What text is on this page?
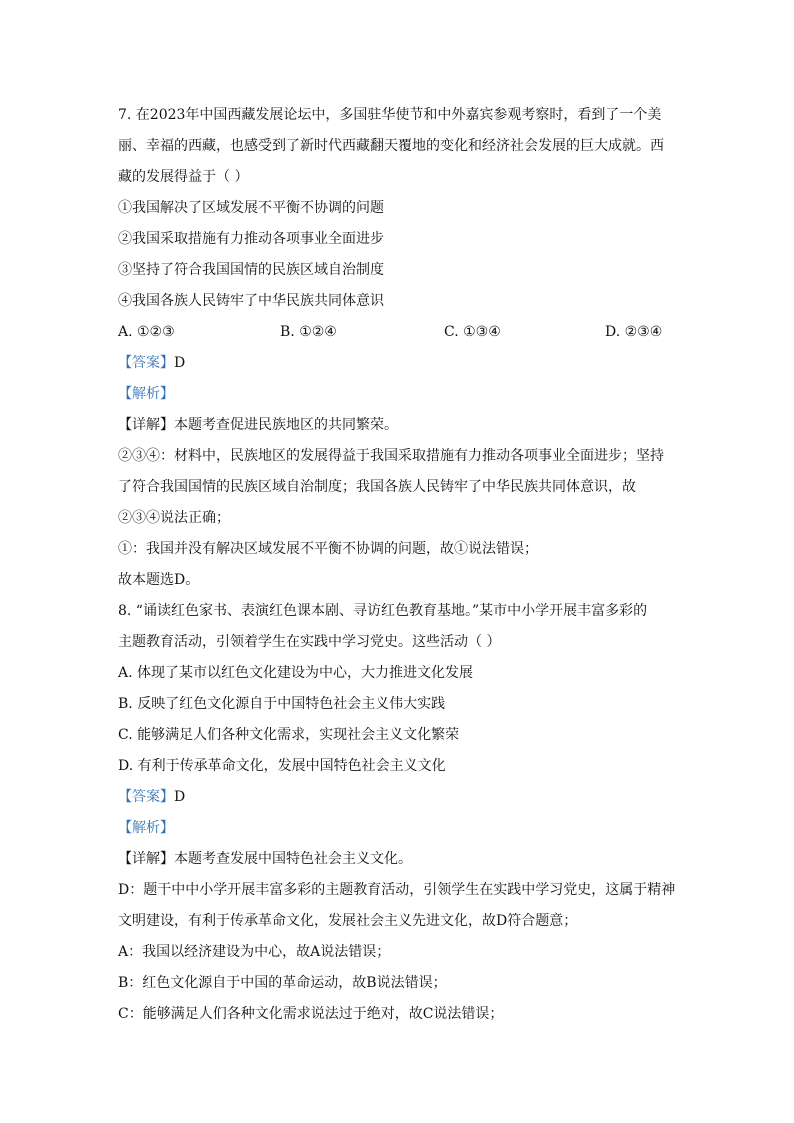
7. 在2023年中国西藏发展论坛中，多国驻华使节和中外嘉宾参观考察时，看到了一个美
丽、幸福的西藏，也感受到了新时代西藏翻天覆地的变化和经济社会发展的巨大成就。西
藏的发展得益于（ ）
①我国解决了区域发展不平衡不协调的问题
②我国采取措施有力推动各项事业全面进步
③坚持了符合我国国情的民族区域自治制度
④我国各族人民铸牢了中华民族共同体意识
A. ①②③	B. ①②④	C. ①③④	D. ②③④
【答案】D
【解析】
【详解】本题考查促进民族地区的共同繁荣。
②③④：材料中，民族地区的发展得益于我国采取措施有力推动各项事业全面进步；坚持
了符合我国国情的民族区域自治制度；我国各族人民铸牢了中华民族共同体意识，故
②③④说法正确；
①：我国并没有解决区域发展不平衡不协调的问题，故①说法错误；
故本题选D。
8. “诵读红色家书、表演红色课本剧、寻访红色教育基地。”某市中小学开展丰富多彩的
主题教育活动，引领着学生在实践中学习党史。这些活动（ ）
A. 体现了某市以红色文化建设为中心，大力推进文化发展
B. 反映了红色文化源自于中国特色社会主义伟大实践
C. 能够满足人们各种文化需求，实现社会主义文化繁荣
D. 有利于传承革命文化，发展中国特色社会主义文化
【答案】D
【解析】
【详解】本题考查发展中国特色社会主义文化。
D：题干中中小学开展丰富多彩的主题教育活动，引领学生在实践中学习党史，这属于精神
文明建设，有利于传承革命文化，发展社会主义先进文化，故D符合题意；
A：我国以经济建设为中心，故A说法错误；
B：红色文化源自于中国的革命运动，故B说法错误；
C：能够满足人们各种文化需求说法过于绝对，故C说法错误；
